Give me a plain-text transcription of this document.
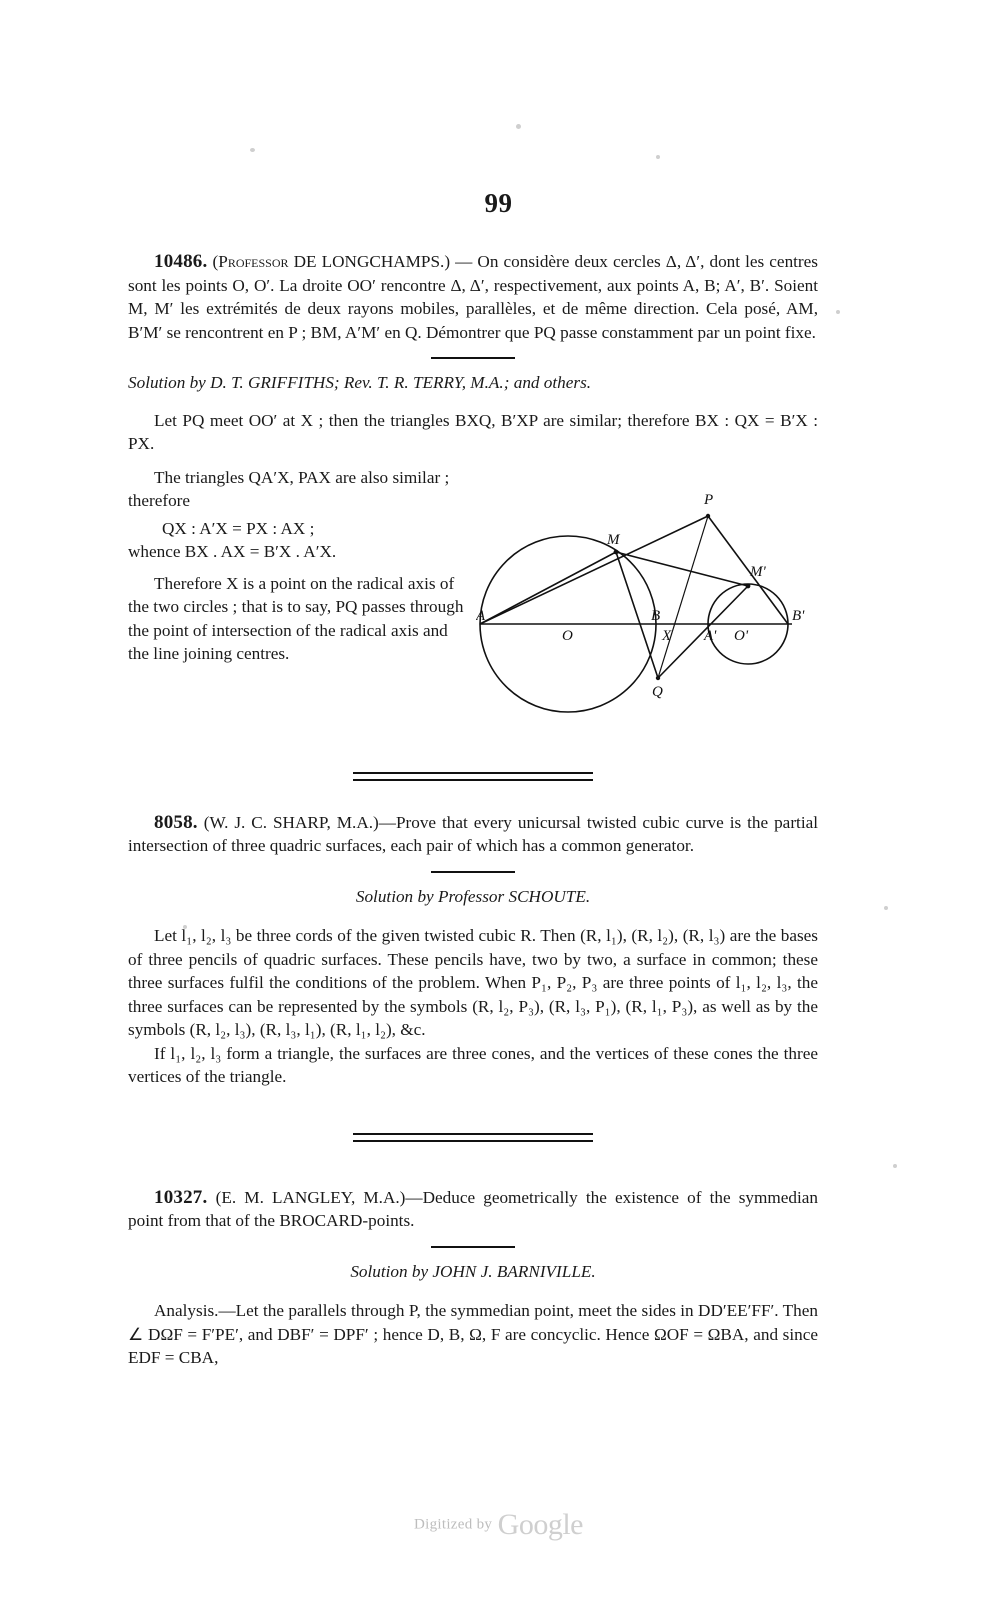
99

10486. (Professor DE LONGCHAMPS.) — On considère deux cercles Δ, Δ′, dont les centres sont les points O, O′. La droite OO′ rencontre Δ, Δ′, respectivement, aux points A, B; A′, B′. Soient M, M′ les extrémités de deux rayons mobiles, parallèles, et de même direction. Cela posé, AM, B′M′ se rencontrent en P ; BM, A′M′ en Q. Démontrer que PQ passe constamment par un point fixe.

Solution by D. T. GRIFFITHS; Rev. T. R. TERRY, M.A.; and others.

Let PQ meet OO′ at X ; then the triangles BXQ, B′XP are similar; therefore BX : QX = B′X : PX.

The triangles QA′X, PAX are also similar ; therefore

QX : A′X = PX : AX ;

whence BX . AX = B′X . A′X.

Therefore X is a point on the radical axis of the two circles ; that is to say, PQ passes through the point of intersection of the radical axis and the line joining centres.

P
M
M'
A
O
B
X A' O'
B'
Q

8058. (W. J. C. SHARP, M.A.)—Prove that every unicursal twisted cubic curve is the partial intersection of three quadric surfaces, each pair of which has a common generator.

Solution by Professor SCHOUTE.

Let l₁, l₂, l₃ be three cords of the given twisted cubic R. Then (R, l₁), (R, l₂), (R, l₃) are the bases of three pencils of quadric surfaces. These pencils have, two by two, a surface in common; these three surfaces fulfil the conditions of the problem. When P₁, P₂, P₃ are three points of l₁, l₂, l₃, the three surfaces can be represented by the symbols (R, l₂, P₃), (R, l₃, P₁), (R, l₁, P₃), as well as by the symbols (R, l₂, l₃), (R, l₃, l₁), (R, l₁, l₂), &c.

If l₁, l₂, l₃ form a triangle, the surfaces are three cones, and the vertices of these cones the three vertices of the triangle.

10327. (E. M. LANGLEY, M.A.)—Deduce geometrically the existence of the symmedian point from that of the BROCARD-points.

Solution by JOHN J. BARNIVILLE.

Analysis.—Let the parallels through P, the symmedian point, meet the sides in DD′EE′FF′. Then ∠ DΩF = F′PE′, and DBF′ = DPF′ ; hence D, B, Ω, F are concyclic. Hence ΩOF = ΩBA, and since EDF = CBA,

Digitized by Google
